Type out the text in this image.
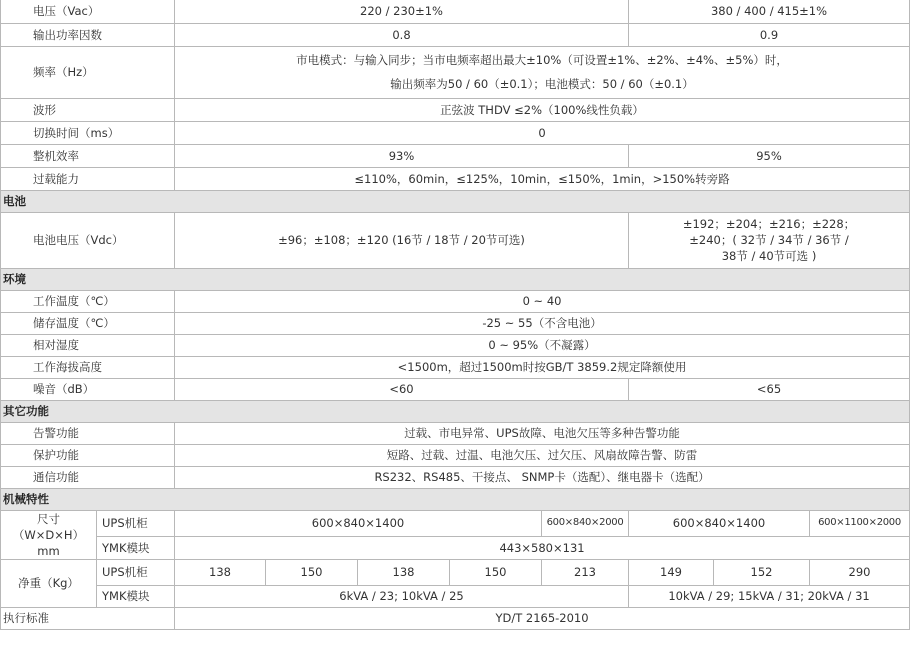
电压（Vac）		220 / 230±1%					380 / 400 / 415±1%		
输出功率因数		0.8					0.9		
频率（Hz）		市电模式：与输入同步；当市电频率超出最大±10%（可设置±1%、±2%、±4%、±5%）时，
输出频率为50 / 60（±0.1）；电池模式：50 / 60（±0.1）							

波形		正弦波 THDV ≤2%（100%线性负载）							
切换时间（ms）		0							
整机效率		93%					95%		
过载能力		≤110%，60min，≤125%，10min，≤150%，1min，>150%转旁路							
电池									
电池电压（Vdc）		±96；±108；±120 (16节 / 18节 / 20节可选)					±192；±204；±216；±228；
±240；( 32节 / 34节 / 36节 /
38节 / 40节可选 )		

环境									
工作温度（℃）		0 ~ 40							
储存温度（℃）		-25 ~ 55（不含电池）							
相对湿度		0 ~ 95%（不凝露）							
工作海拔高度		<1500m，超过1500m时按GB/T 3859.2规定降额使用							
噪音（dB）		<60					<65		
其它功能									
告警功能		过载、市电异常、UPS故障、电池欠压等多种告警功能							
保护功能		短路、过载、过温、电池欠压、过欠压、风扇故障告警、防雷							
通信功能		RS232、RS485、干接点、 SNMP卡（选配）、继电器卡（选配）							
机械特性									

尺寸
（W×D×H）mm	UPS机柜	600×840×1400				600×840×2000	600×840×1400		600×1100×2000
	YMK模块	443×580×131							
净重（Kg）	UPS机柜	138	150	138	150	213	149	152	290
	YMK模块	6kVA / 23; 10kVA / 25					10kVA / 29; 15kVA / 31; 20kVA / 31		
执行标准		YD/T 2165-2010							
